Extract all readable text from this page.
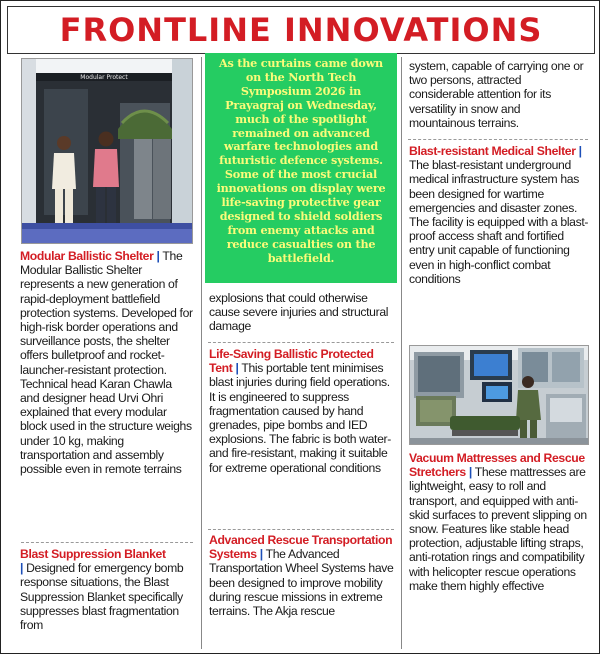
FRONTLINE INNOVATIONS
Modular Protect
Modular Ballistic Shelter | The Modular Ballistic Shelter represents a new generation of rapid-deployment battlefield protection systems. Developed for high-risk border operations and surveillance posts, the shelter offers bulletproof and rocket-launcher-resistant protection. Technical head Karan Chawla and designer head Urvi Ohri explained that every modular block used in the structure weighs under 10 kg, making transportation and assembly possible even in remote terrains
Blast Suppression Blanket
| Designed for emergency bomb response situations, the Blast Suppression Blanket specifically suppresses blast fragmentation from
As the curtains came down on the North Tech Symposium 2026 in Prayagraj on Wednesday, much of the spotlight remained on advanced warfare technologies and futuristic defence systems. Some of the most crucial innovations on display were life-saving protective gear designed to shield soldiers from enemy attacks and reduce casualties on the battlefield.
explosions that could otherwise cause severe injuries and structural damage
Life-Saving Ballistic Protected Tent | This portable tent minimises blast injuries during field operations. It is engineered to suppress fragmentation caused by hand grenades, pipe bombs and IED explosions. The fabric is both water- and fire-resistant, making it suitable for extreme operational conditions
Advanced Rescue Transportation Systems | The Advanced Transportation Wheel Systems have been designed to improve mobility during rescue missions in extreme terrains. The Akja rescue
system, capable of carrying one or two persons, attracted considerable attention for its versatility in snow and mountainous terrains.
Blast-resistant Medical Shelter | The blast-resistant underground medical infrastructure system has been designed for wartime emergencies and disaster zones. The facility is equipped with a blast-proof access shaft and fortified entry unit capable of functioning even in high-conflict combat conditions
Vacuum Mattresses and Rescue Stretchers | These mattresses are lightweight, easy to roll and transport, and equipped with anti-skid surfaces to prevent slipping on snow. Features like stable head protection, adjustable lifting straps, anti-rotation rings and compatibility with helicopter rescue operations make them highly effective
